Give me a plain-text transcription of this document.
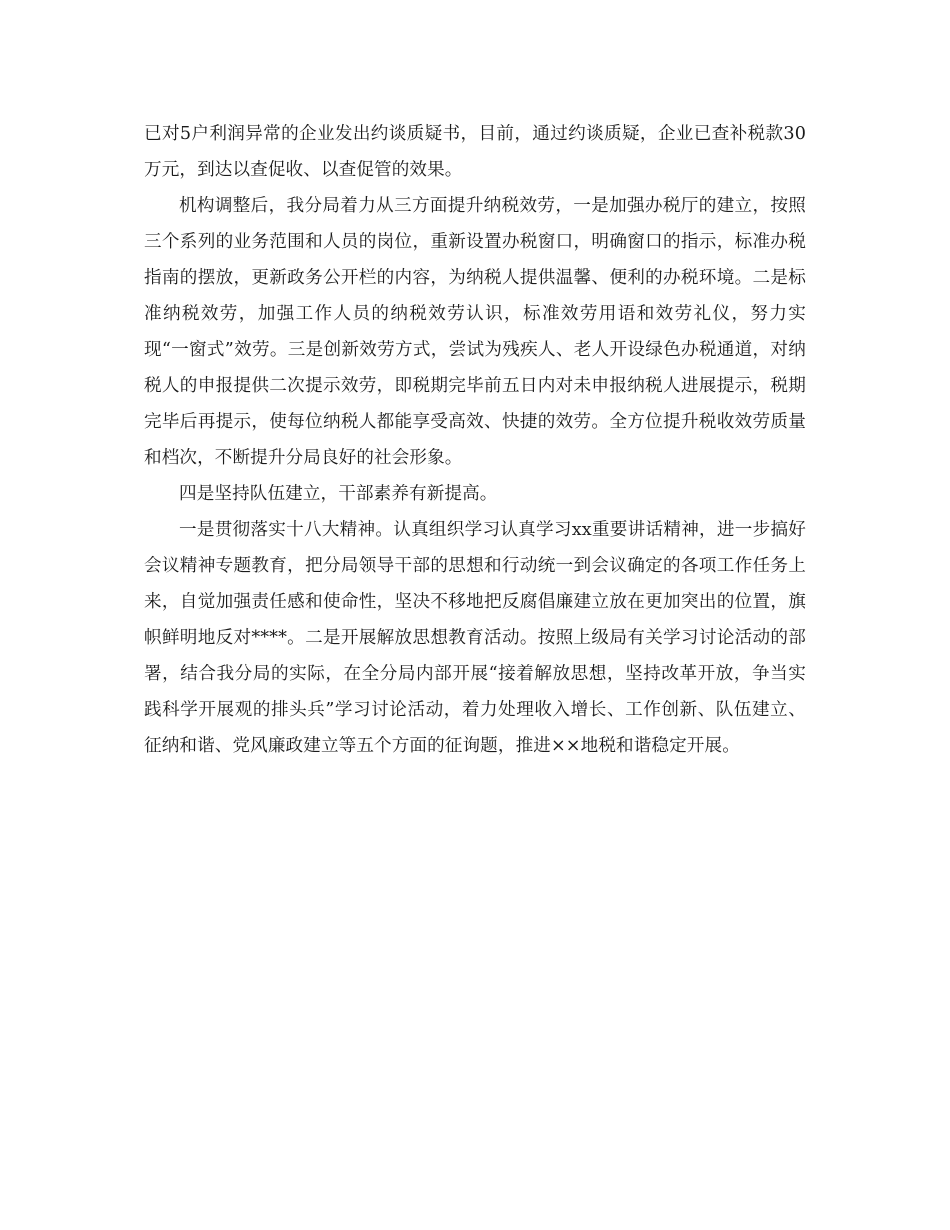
已对5户利润异常的企业发出约谈质疑书，目前，通过约谈质疑，企业已查补税款30万元，到达以查促收、以查促管的效果。

机构调整后，我分局着力从三方面提升纳税效劳，一是加强办税厅的建立，按照三个系列的业务范围和人员的岗位，重新设置办税窗口，明确窗口的指示，标准办税指南的摆放，更新政务公开栏的内容，为纳税人提供温馨、便利的办税环境。二是标准纳税效劳，加强工作人员的纳税效劳认识，标准效劳用语和效劳礼仪，努力实现“一窗式”效劳。三是创新效劳方式，尝试为残疾人、老人开设绿色办税通道，对纳税人的申报提供二次提示效劳，即税期完毕前五日内对未申报纳税人进展提示，税期完毕后再提示，使每位纳税人都能享受高效、快捷的效劳。全方位提升税收效劳质量和档次，不断提升分局良好的社会形象。

四是坚持队伍建立，干部素养有新提高。

一是贯彻落实十八大精神。认真组织学习认真学习xx重要讲话精神，进一步搞好会议精神专题教育，把分局领导干部的思想和行动统一到会议确定的各项工作任务上来，自觉加强责任感和使命性，坚决不移地把反腐倡廉建立放在更加突出的位置，旗帜鲜明地反对****。二是开展解放思想教育活动。按照上级局有关学习讨论活动的部署，结合我分局的实际，在全分局内部开展“接着解放思想，坚持改革开放，争当实践科学开展观的排头兵”学习讨论活动，着力处理收入增长、工作创新、队伍建立、征纳和谐、党风廉政建立等五个方面的征询题，推进××地税和谐稳定开展。
